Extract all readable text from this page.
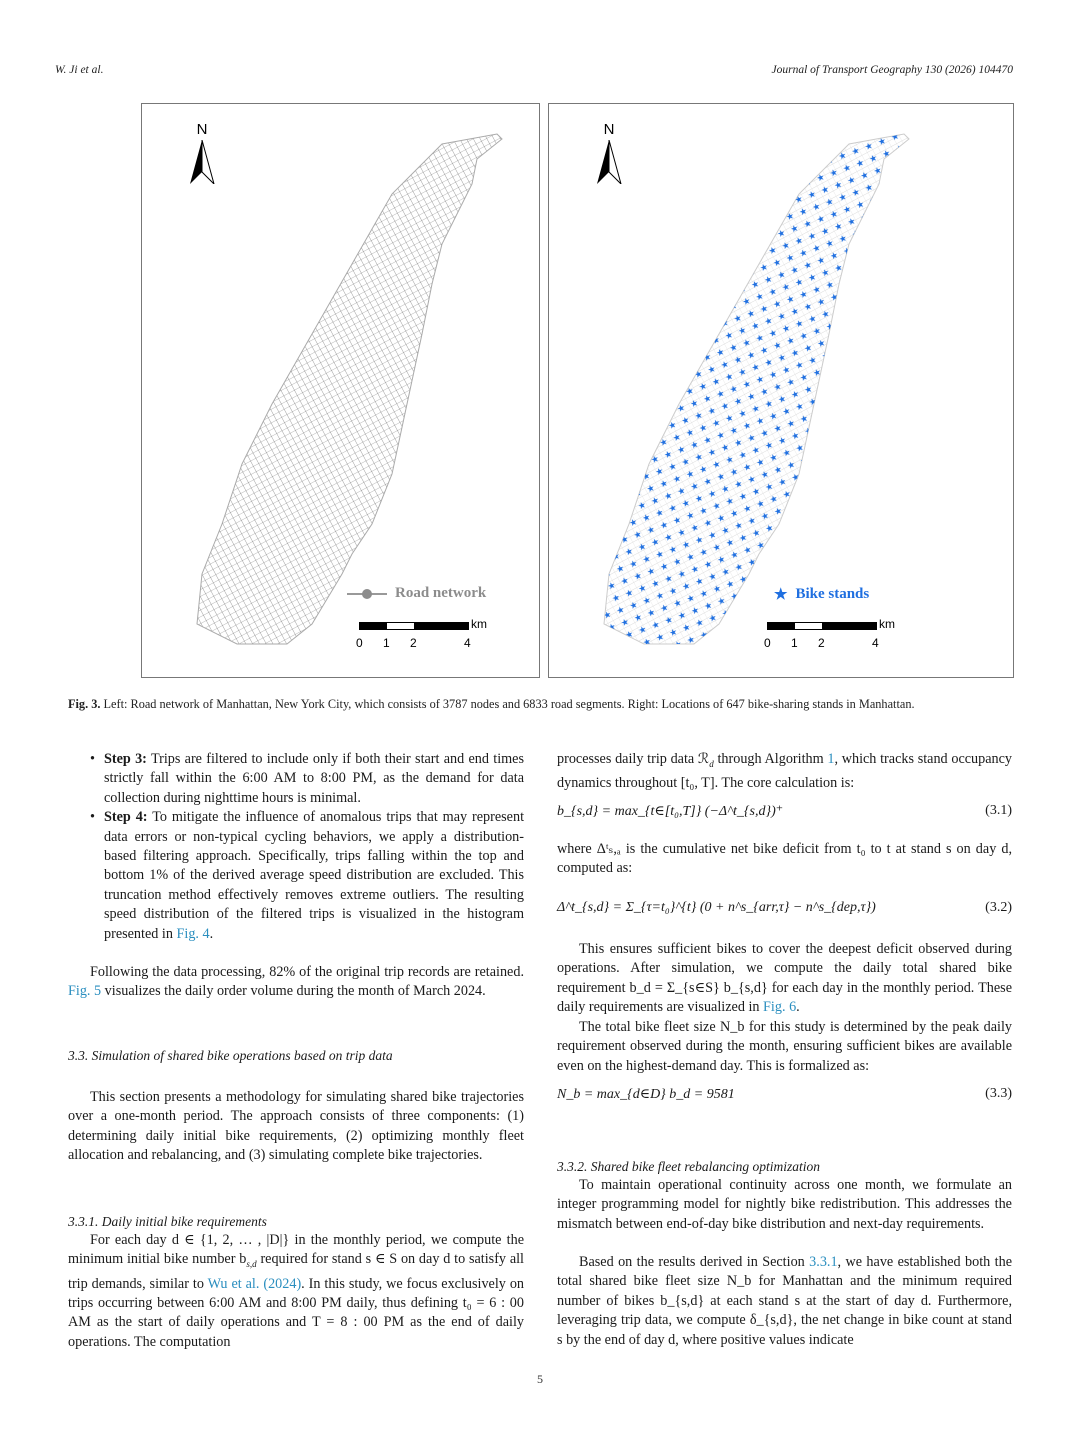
W. Ji et al.	Journal of Transport Geography 130 (2026) 104470
N
Road network
km
0 1 2	4
N
★ Bike stands
km
0 1 2	4
Fig. 3. Left: Road network of Manhattan, New York City, which consists of 3787 nodes and 6833 road segments. Right: Locations of 647 bike-sharing stands in Manhattan.
• Step 3: Trips are filtered to include only if both their start and end times strictly fall within the 6:00 AM to 8:00 PM, as the demand for data collection during nighttime hours is minimal.
• Step 4: To mitigate the influence of anomalous trips that may represent data errors or non-typical cycling behaviors, we apply a distribution-based filtering approach. Specifically, trips falling within the top and bottom 1% of the derived average speed distribution are excluded. This truncation method effectively removes extreme outliers. The resulting speed distribution of the filtered trips is visualized in the histogram presented in Fig. 4.
Following the data processing, 82% of the original trip records are retained. Fig. 5 visualizes the daily order volume during the month of March 2024.
3.3. Simulation of shared bike operations based on trip data
This section presents a methodology for simulating shared bike trajectories over a one-month period. The approach consists of three components: (1) determining daily initial bike requirements, (2) optimizing monthly fleet allocation and rebalancing, and (3) simulating complete bike trajectories.
3.3.1. Daily initial bike requirements
For each day d ∈ {1, 2, … , |D|} in the monthly period, we compute the minimum initial bike number $b_{s,d}$ required for stand s ∈ S on day d to satisfy all trip demands, similar to Wu et al. (2024). In this study, we focus exclusively on trips occurring between 6:00 AM and 8:00 PM daily, thus defining t₀ = 6 : 00 AM as the start of daily operations and T = 8 : 00 PM as the end of daily operations. The computation
processes daily trip data ℛ$_d$ through Algorithm 1, which tracks stand occupancy dynamics throughout [t₀, T]. The core calculation is:
b_{s,d} = max_{t∈[t₀,T]} (−Δ^t_{s,d})⁺	(3.1)
where Δᵗₛ,ₐ is the cumulative net bike deficit from t₀ to t at stand s on day d, computed as:
Δ^t_{s,d} = Σ_{τ=t₀}^{t} (0 + n^s_{arr,τ} − n^s_{dep,τ})	(3.2)
This ensures sufficient bikes to cover the deepest deficit observed during operations. After simulation, we compute the daily total shared bike requirement b_d = Σ_{s∈S} b_{s,d} for each day in the monthly period. These daily requirements are visualized in Fig. 6.
The total bike fleet size N_b for this study is determined by the peak daily requirement observed during the month, ensuring sufficient bikes are available even on the highest-demand day. This is formalized as:
N_b = max_{d∈D} b_d = 9581	(3.3)
3.3.2. Shared bike fleet rebalancing optimization
To maintain operational continuity across one month, we formulate an integer programming model for nightly bike redistribution. This addresses the mismatch between end-of-day bike distribution and next-day requirements.
Based on the results derived in Section 3.3.1, we have established both the total shared bike fleet size N_b for Manhattan and the minimum required number of bikes b_{s,d} at each stand s at the start of day d. Furthermore, leveraging trip data, we compute δ_{s,d}, the net change in bike count at stand s by the end of day d, where positive values indicate
5
